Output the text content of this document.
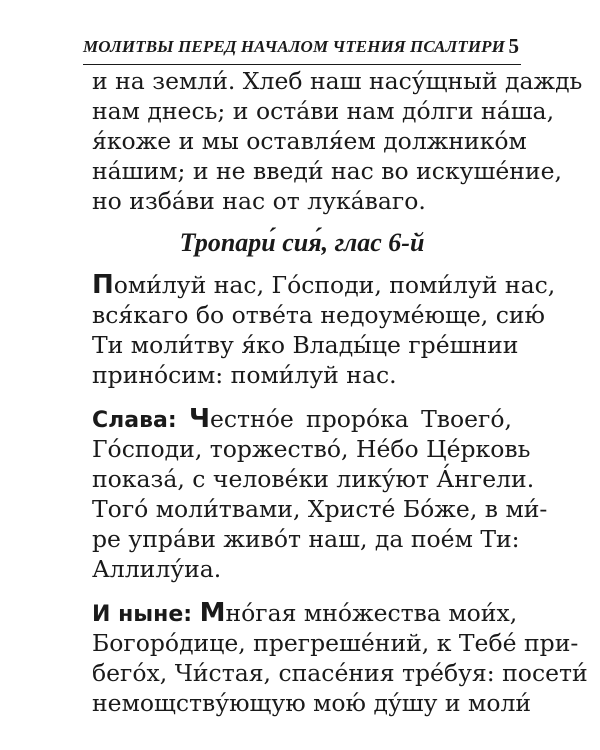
МОЛИТВЫ ПЕРЕД НАЧАЛОМ ЧТЕНИЯ ПСАЛТИРИ 5
и на земли́. Хлеб наш насу́щный даждь
нам днесь; и оста́ви нам до́лги на́ша,
я́коже и мы оставля́ем должнико́м
на́шим; и не введи́ нас во искуше́ние,
но изба́ви нас от лука́ваго.
Тропари́ сия́, глас 6-й
Поми́луй нас, Го́споди, поми́луй нас,
вся́каго бо отве́та недоуме́юще, сию́
Ти моли́тву я́ко Влады́це гре́шнии
прино́сим: поми́луй нас.
Слава: Честно́е проро́ка Твоего́,
Го́споди, торжество́, Не́бо Це́рковь
показа́, с челове́ки лику́ют А́нгели.
Того́ моли́твами, Христе́ Бо́же, в ми́-
ре упра́ви живо́т наш, да пое́м Ти:
Аллилу́иа.
И ныне: Мно́гая мно́жества мои́х,
Богоро́дице, прегреше́ний, к Тебе́ при-
бего́х, Чи́стая, спасе́ния тре́буя: посети́
немощству́ющую мою́ ду́шу и моли́
